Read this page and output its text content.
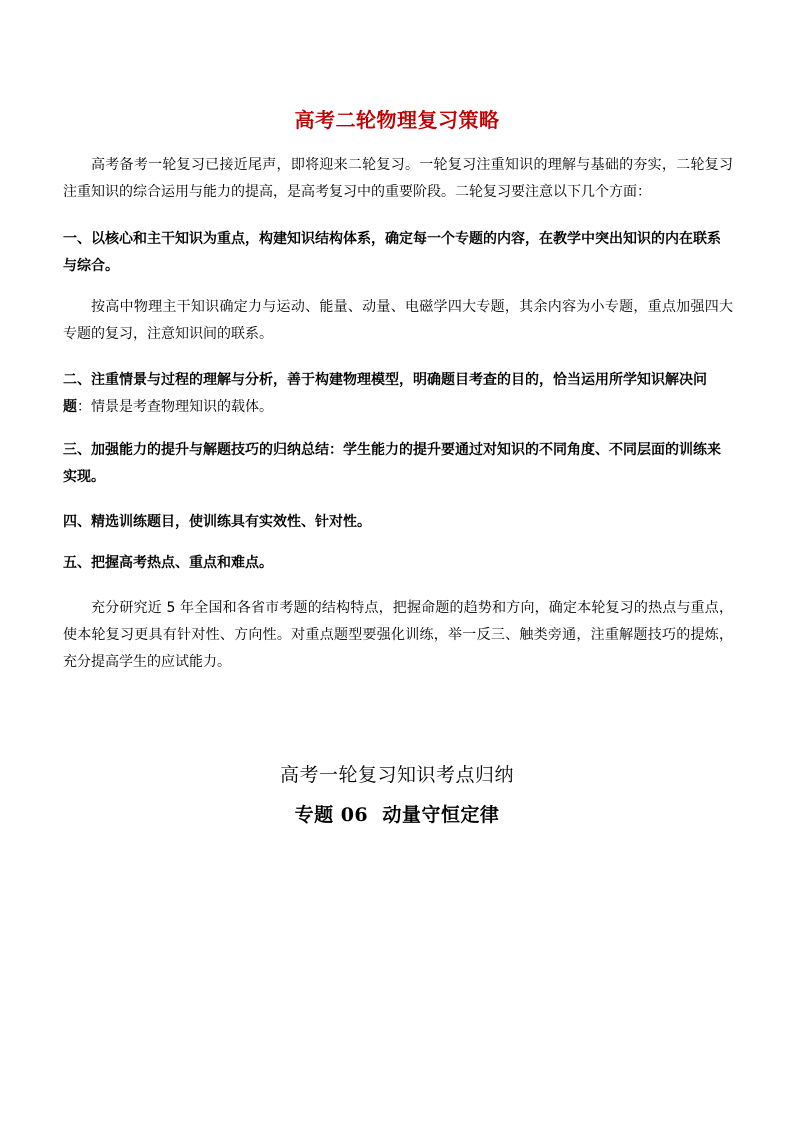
高考二轮物理复习策略
高考备考一轮复习已接近尾声，即将迎来二轮复习。一轮复习注重知识的理解与基础的夯实，二轮复习注重知识的综合运用与能力的提高，是高考复习中的重要阶段。二轮复习要注意以下几个方面：
一、以核心和主干知识为重点，构建知识结构体系，确定每一个专题的内容，在教学中突出知识的内在联系与综合。
按高中物理主干知识确定力与运动、能量、动量、电磁学四大专题，其余内容为小专题，重点加强四大专题的复习，注意知识间的联系。
二、注重情景与过程的理解与分析，善于构建物理模型，明确题目考查的目的，恰当运用所学知识解决问题：情景是考查物理知识的载体。
三、加强能力的提升与解题技巧的归纳总结：学生能力的提升要通过对知识的不同角度、不同层面的训练来实现。
四、精选训练题目，使训练具有实效性、针对性。
五、把握高考热点、重点和难点。
充分研究近 5 年全国和各省市考题的结构特点，把握命题的趋势和方向，确定本轮复习的热点与重点，使本轮复习更具有针对性、方向性。对重点题型要强化训练，举一反三、触类旁通，注重解题技巧的提炼，充分提高学生的应试能力。
高考一轮复习知识考点归纳
专题 06  动量守恒定律
